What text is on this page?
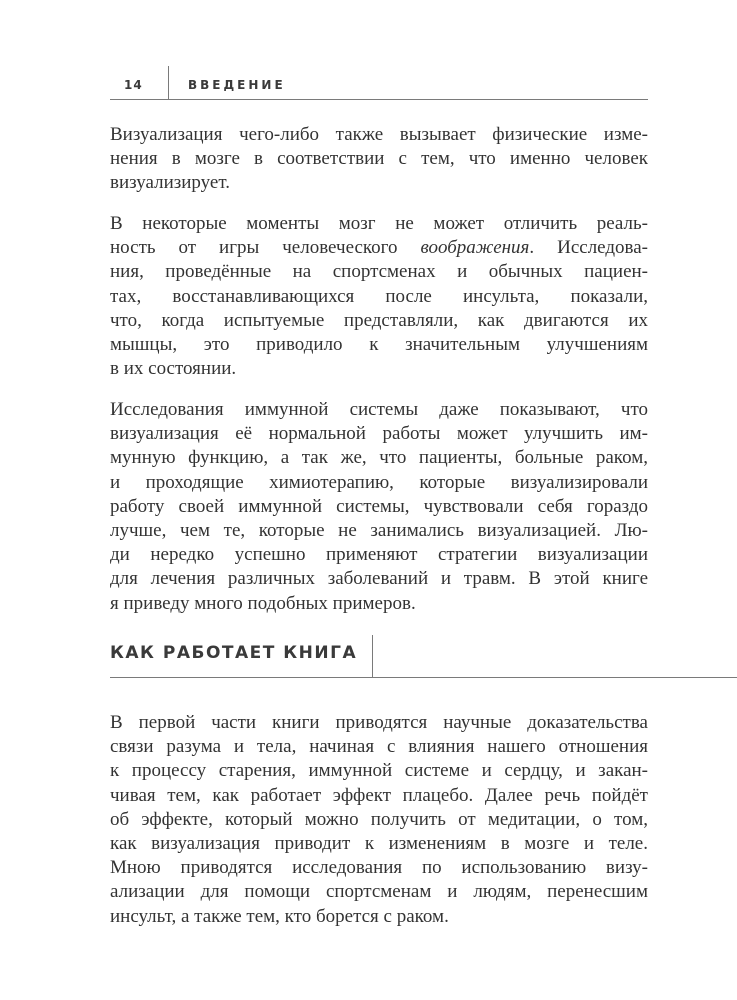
14	ВВЕДЕНИЕ
Визуализация чего-либо также вызывает физические изме-
нения в мозге в соответствии с тем, что именно человек
визуализирует.
В некоторые моменты мозг не может отличить реаль-
ность от игры человеческого воображения. Исследова-
ния, проведённые на спортсменах и обычных пациен-
тах, восстанавливающихся после инсульта, показали,
что, когда испытуемые представляли, как двигаются их
мышцы, это приводило к значительным улучшениям
в их состоянии.
Исследования иммунной системы даже показывают, что
визуализация её нормальной работы может улучшить им-
мунную функцию, а так же, что пациенты, больные раком,
и проходящие химиотерапию, которые визуализировали
работу своей иммунной системы, чувствовали себя гораздо
лучше, чем те, которые не занимались визуализацией. Лю-
ди нередко успешно применяют стратегии визуализации
для лечения различных заболеваний и травм. В этой книге
я приведу много подобных примеров.
КАК РАБОТАЕТ КНИГА
В первой части книги приводятся научные доказательства
связи разума и тела, начиная с влияния нашего отношения
к процессу старения, иммунной системе и сердцу, и закан-
чивая тем, как работает эффект плацебо. Далее речь пойдёт
об эффекте, который можно получить от медитации, о том,
как визуализация приводит к изменениям в мозге и теле.
Мною приводятся исследования по использованию визу-
ализации для помощи спортсменам и людям, перенесшим
инсульт, а также тем, кто борется с раком.
